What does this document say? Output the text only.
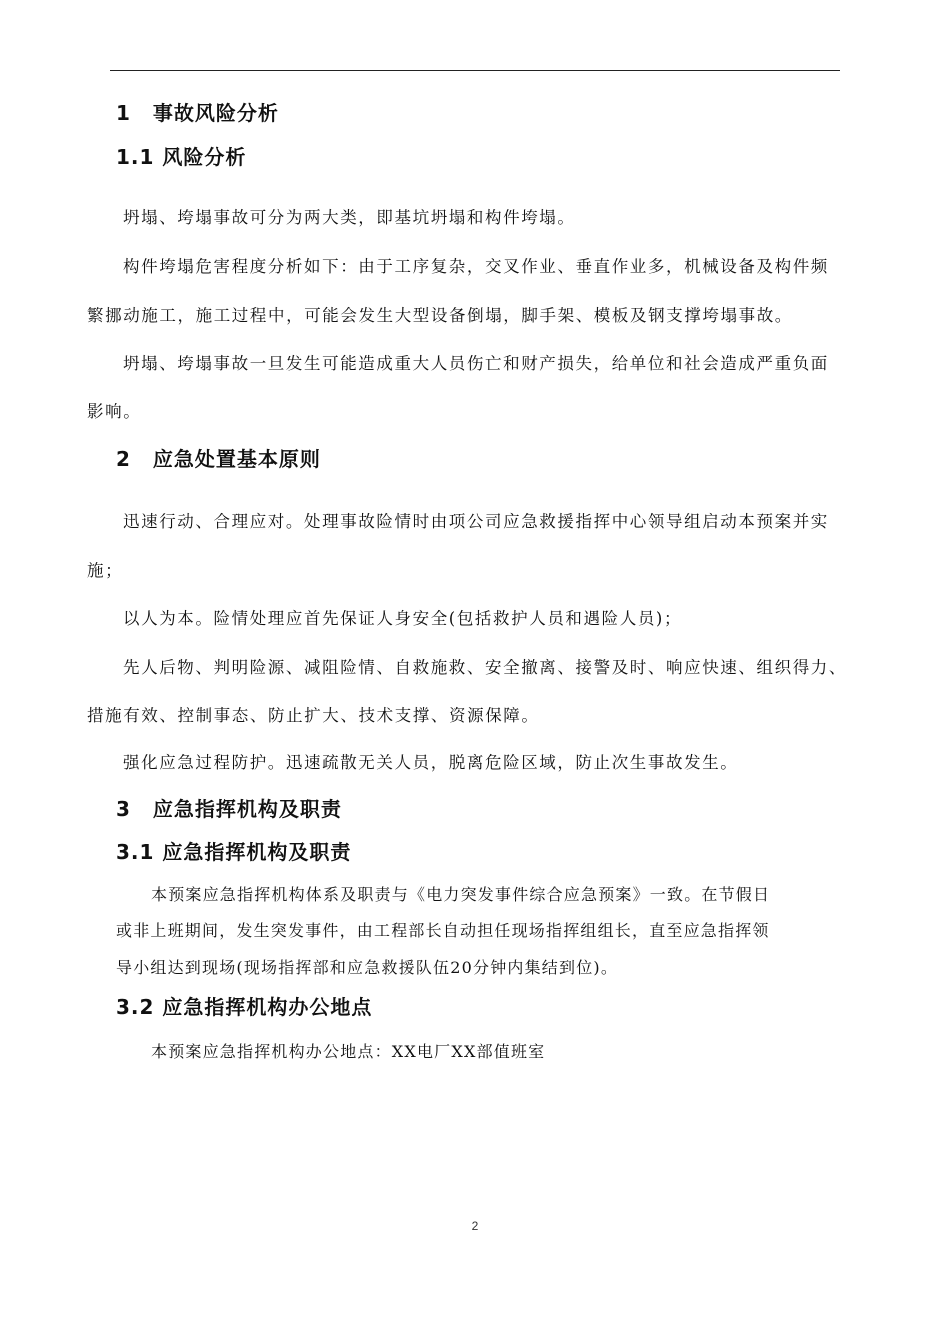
1 事故风险分析
1.1 风险分析
坍塌、垮塌事故可分为两大类，即基坑坍塌和构件垮塌。
构件垮塌危害程度分析如下：由于工序复杂，交叉作业、垂直作业多，机械设备及构件频
繁挪动施工，施工过程中，可能会发生大型设备倒塌，脚手架、模板及钢支撑垮塌事故。
坍塌、垮塌事故一旦发生可能造成重大人员伤亡和财产损失，给单位和社会造成严重负面
影响。
2 应急处置基本原则
迅速行动、合理应对。处理事故险情时由项公司应急救援指挥中心领导组启动本预案并实
施；
以人为本。险情处理应首先保证人身安全(包括救护人员和遇险人员)；
先人后物、判明险源、减阻险情、自救施救、安全撤离、接警及时、响应快速、组织得力、
措施有效、控制事态、防止扩大、技术支撑、资源保障。
强化应急过程防护。迅速疏散无关人员，脱离危险区域，防止次生事故发生。
3 应急指挥机构及职责
3.1 应急指挥机构及职责
本预案应急指挥机构体系及职责与《电力突发事件综合应急预案》一致。在节假日
或非上班期间，发生突发事件，由工程部长自动担任现场指挥组组长，直至应急指挥领
导小组达到现场(现场指挥部和应急救援队伍20分钟内集结到位)。
3.2 应急指挥机构办公地点
本预案应急指挥机构办公地点：XX电厂XX部值班室
2
